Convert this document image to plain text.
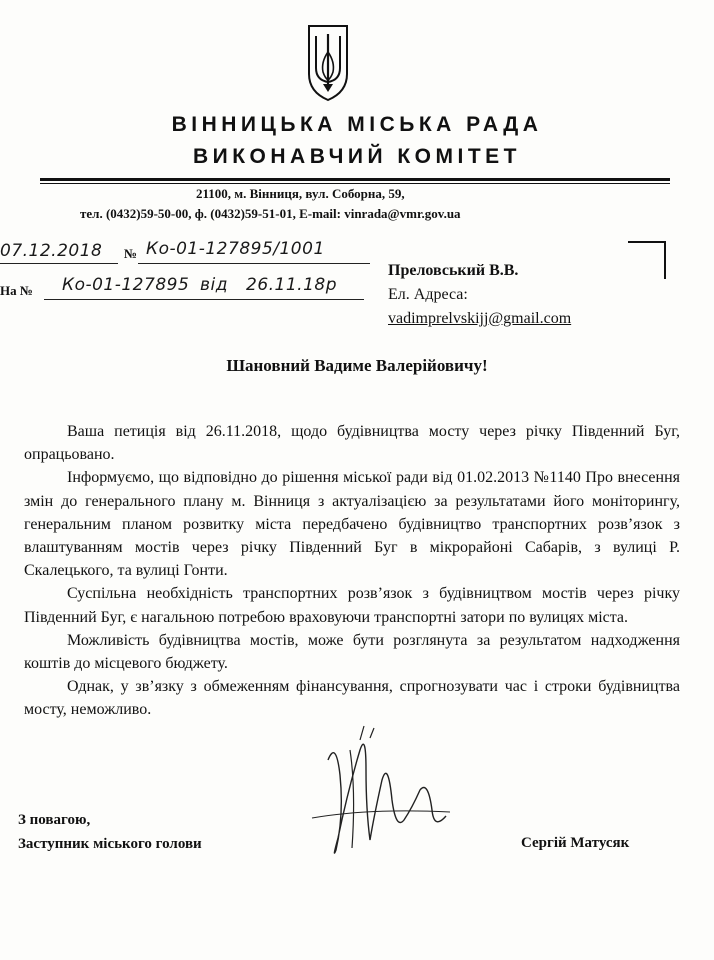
ВІННИЦЬКА МІСЬКА РАДА
ВИКОНАВЧИЙ КОМІТЕТ
21100, м. Вінниця, вул. Соборна, 59,
тел. (0432)59-50-00, ф. (0432)59-51-01, E-mail: vinrada@vmr.gov.ua
07.12.2018 № Ко-01-127895/1001
На № Ко-01-127895 від 26.11.18р
Преловський В.В.
Ел. Адреса:
vadimprelvskijj@gmail.com
Шановний Вадиме Валерійовичу!

Ваша петиція від 26.11.2018, щодо будівництва мосту через річку Південний Буг, опрацьовано.

Інформуємо, що відповідно до рішення міської ради від 01.02.2013 №1140 Про внесення змін до генерального плану м. Вінниця з актуалізацією за результатами його моніторингу, генеральним планом розвитку міста передбачено будівництво транспортних розв’язок з влаштуванням мостів через річку Південний Буг в мікрорайоні Сабарів, з вулиці Р. Скалецького, та вулиці Гонти.

Суспільна необхідність транспортних розв’язок з будівництвом мостів через річку Південний Буг, є нагальною потребою враховуючи транспортні затори по вулицях міста.

Можливість будівництва мостів, може бути розглянута за результатом надходження коштів до місцевого бюджету.

Однак, у зв’язку з обмеженням фінансування, спрогнозувати час і строки будівництва мосту, неможливо.

З повагою,
Заступник міського голови	Сергій Матусяк
